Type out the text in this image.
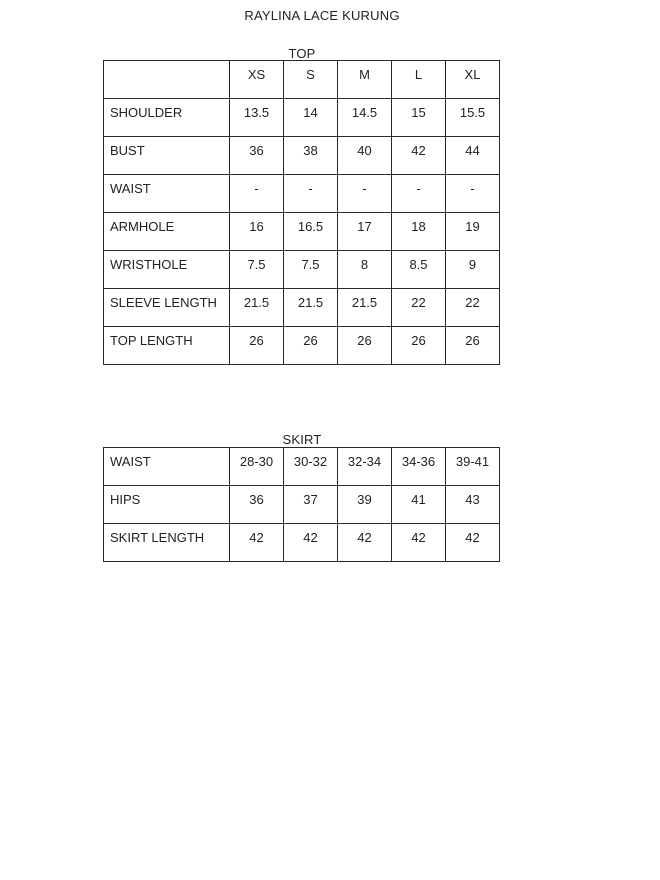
RAYLINA LACE KURUNG
TOP
	XS	S	M	L	XL
SHOULDER	13.5	14	14.5	15	15.5
BUST	36	38	40	42	44
WAIST	-	-	-	-	-
ARMHOLE	16	16.5	17	18	19
WRISTHOLE	7.5	7.5	8	8.5	9
SLEEVE LENGTH	21.5	21.5	21.5	22	22
TOP LENGTH	26	26	26	26	26
SKIRT
WAIST	28-30	30-32	32-34	34-36	39-41
HIPS	36	37	39	41	43
SKIRT LENGTH	42	42	42	42	42
